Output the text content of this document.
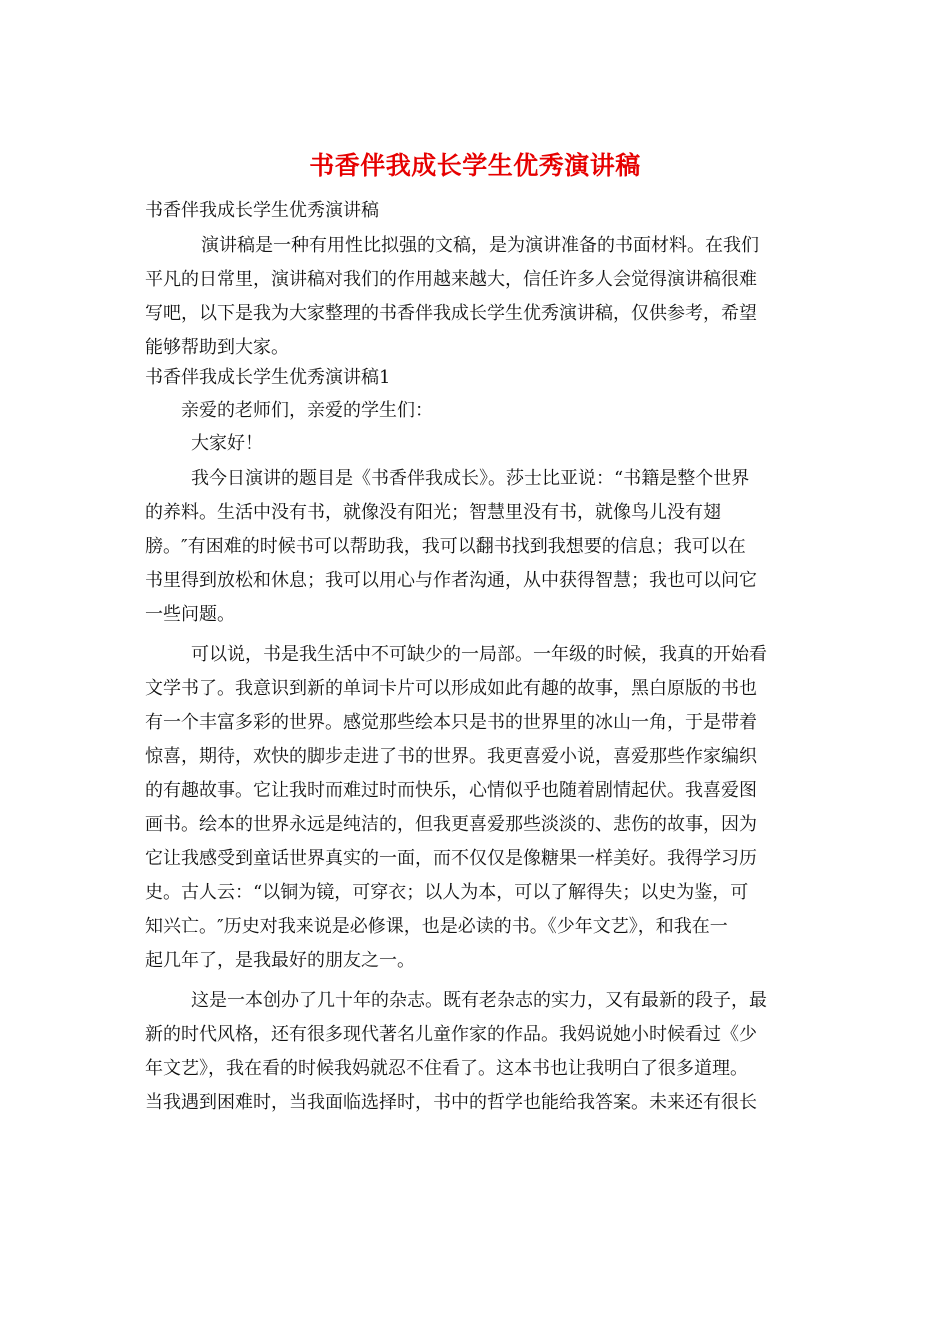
书香伴我成长学生优秀演讲稿
书香伴我成长学生优秀演讲稿
演讲稿是一种有用性比拟强的文稿，是为演讲准备的书面材料。在我们
平凡的日常里，演讲稿对我们的作用越来越大，信任许多人会觉得演讲稿很难
写吧，以下是我为大家整理的书香伴我成长学生优秀演讲稿，仅供参考，希望
能够帮助到大家。
书香伴我成长学生优秀演讲稿1
亲爱的老师们，亲爱的学生们：
大家好！
我今日演讲的题目是《书香伴我成长》。莎士比亚说：“书籍是整个世界
的养料。生活中没有书，就像没有阳光；智慧里没有书，就像鸟儿没有翅
膀。″有困难的时候书可以帮助我，我可以翻书找到我想要的信息；我可以在
书里得到放松和休息；我可以用心与作者沟通，从中获得智慧；我也可以问它
一些问题。
可以说，书是我生活中不可缺少的一局部。一年级的时候，我真的开始看
文学书了。我意识到新的单词卡片可以形成如此有趣的故事，黑白原版的书也
有一个丰富多彩的世界。感觉那些绘本只是书的世界里的冰山一角，于是带着
惊喜，期待，欢快的脚步走进了书的世界。我更喜爱小说，喜爱那些作家编织
的有趣故事。它让我时而难过时而快乐，心情似乎也随着剧情起伏。我喜爱图
画书。绘本的世界永远是纯洁的，但我更喜爱那些淡淡的、悲伤的故事，因为
它让我感受到童话世界真实的一面，而不仅仅是像糖果一样美好。我得学习历
史。古人云：“以铜为镜，可穿衣；以人为本，可以了解得失；以史为鉴，可
知兴亡。″历史对我来说是必修课，也是必读的书。《少年文艺》，和我在一
起几年了，是我最好的朋友之一。
这是一本创办了几十年的杂志。既有老杂志的实力，又有最新的段子，最
新的时代风格，还有很多现代著名儿童作家的作品。我妈说她小时候看过《少
年文艺》，我在看的时候我妈就忍不住看了。这本书也让我明白了很多道理。
当我遇到困难时，当我面临选择时，书中的哲学也能给我答案。未来还有很长
